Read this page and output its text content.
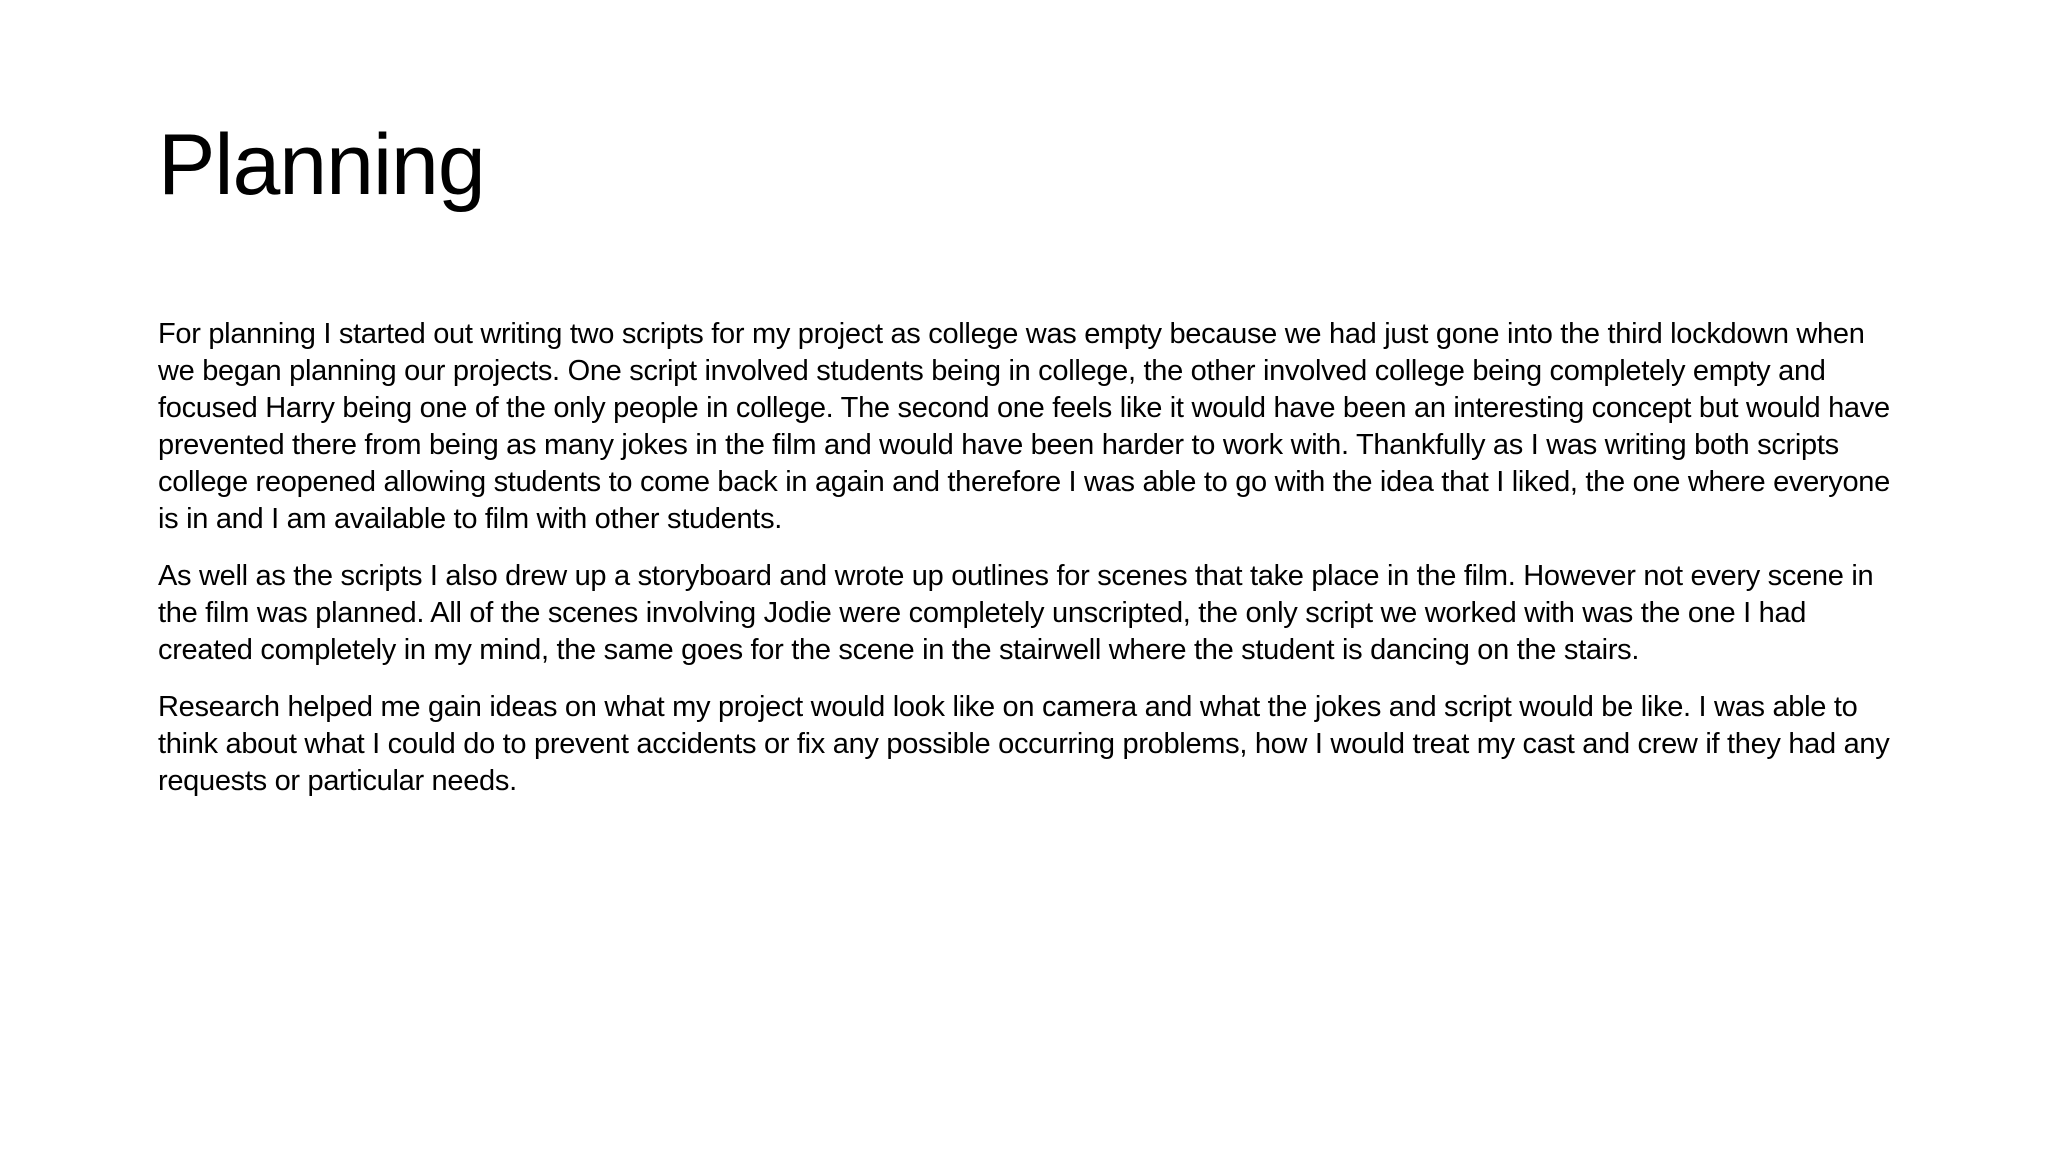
Planning

For planning I started out writing two scripts for my project as college was empty because we had just gone into the third lockdown when we began planning our projects. One script involved students being in college, the other involved college being completely empty and focused Harry being one of the only people in college. The second one feels like it would have been an interesting concept but would have prevented there from being as many jokes in the film and would have been harder to work with. Thankfully as I was writing both scripts college reopened allowing students to come back in again and therefore I was able to go with the idea that I liked, the one where everyone is in and I am available to film with other students.

As well as the scripts I also drew up a storyboard and wrote up outlines for scenes that take place in the film. However not every scene in the film was planned. All of the scenes involving Jodie were completely unscripted, the only script we worked with was the one I had created completely in my mind, the same goes for the scene in the stairwell where the student is dancing on the stairs.

Research helped me gain ideas on what my project would look like on camera and what the jokes and script would be like. I was able to think about what I could do to prevent accidents or fix any possible occurring problems, how I would treat my cast and crew if they had any requests or particular needs.
